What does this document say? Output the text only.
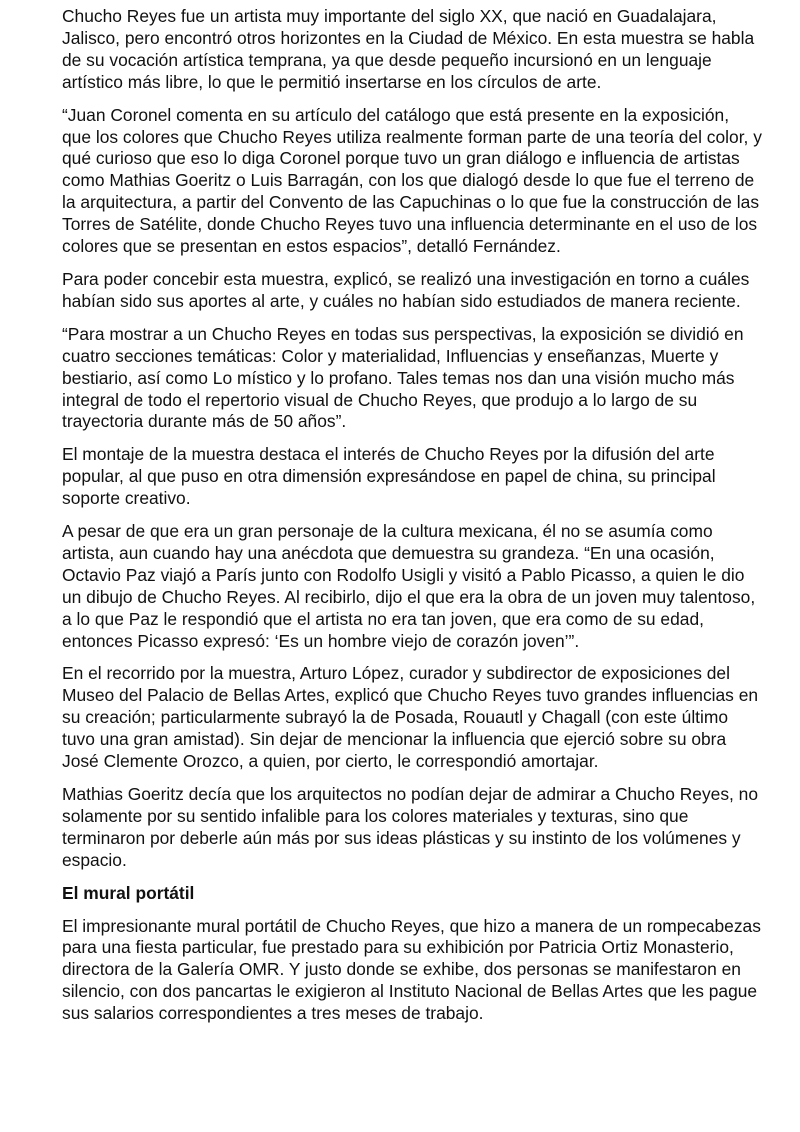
Chucho Reyes fue un artista muy importante del siglo XX, que nació en Guadalajara, Jalisco, pero encontró otros horizontes en la Ciudad de México. En esta muestra se habla de su vocación artística temprana, ya que desde pequeño incursionó en un lenguaje artístico más libre, lo que le permitió insertarse en los círculos de arte.

“Juan Coronel comenta en su artículo del catálogo que está presente en la exposición, que los colores que Chucho Reyes utiliza realmente forman parte de una teoría del color, y qué curioso que eso lo diga Coronel porque tuvo un gran diálogo e influencia de artistas como Mathias Goeritz o Luis Barragán, con los que dialogó desde lo que fue el terreno de la arquitectura, a partir del Convento de las Capuchinas o lo que fue la construcción de las Torres de Satélite, donde Chucho Reyes tuvo una influencia determinante en el uso de los colores que se presentan en estos espacios”, detalló Fernández.

Para poder concebir esta muestra, explicó, se realizó una investigación en torno a cuáles habían sido sus aportes al arte, y cuáles no habían sido estudiados de manera reciente.

“Para mostrar a un Chucho Reyes en todas sus perspectivas, la exposición se dividió en cuatro secciones temáticas: Color y materialidad, Influencias y enseñanzas, Muerte y bestiario, así como Lo místico y lo profano. Tales temas nos dan una visión mucho más integral de todo el repertorio visual de Chucho Reyes, que produjo a lo largo de su trayectoria durante más de 50 años”.

El montaje de la muestra destaca el interés de Chucho Reyes por la difusión del arte popular, al que puso en otra dimensión expresándose en papel de china, su principal soporte creativo.

A pesar de que era un gran personaje de la cultura mexicana, él no se asumía como artista, aun cuando hay una anécdota que demuestra su grandeza. “En una ocasión, Octavio Paz viajó a París junto con Rodolfo Usigli y visitó a Pablo Picasso, a quien le dio un dibujo de Chucho Reyes. Al recibirlo, dijo el que era la obra de un joven muy talentoso, a lo que Paz le respondió que el artista no era tan joven, que era como de su edad, entonces Picasso expresó: ‘Es un hombre viejo de corazón joven’”.

En el recorrido por la muestra, Arturo López, curador y subdirector de exposiciones del Museo del Palacio de Bellas Artes, explicó que Chucho Reyes tuvo grandes influencias en su creación; particularmente subrayó la de Posada, Rouautl y Chagall (con este último tuvo una gran amistad). Sin dejar de mencionar la influencia que ejerció sobre su obra José Clemente Orozco, a quien, por cierto, le correspondió amortajar.

Mathias Goeritz decía que los arquitectos no podían dejar de admirar a Chucho Reyes, no solamente por su sentido infalible para los colores materiales y texturas, sino que terminaron por deberle aún más por sus ideas plásticas y su instinto de los volúmenes y espacio.

El mural portátil

El impresionante mural portátil de Chucho Reyes, que hizo a manera de un rompecabezas para una fiesta particular, fue prestado para su exhibición por Patricia Ortiz Monasterio, directora de la Galería OMR. Y justo donde se exhibe, dos personas se manifestaron en silencio, con dos pancartas le exigieron al Instituto Nacional de Bellas Artes que les pague sus salarios correspondientes a tres meses de trabajo.
